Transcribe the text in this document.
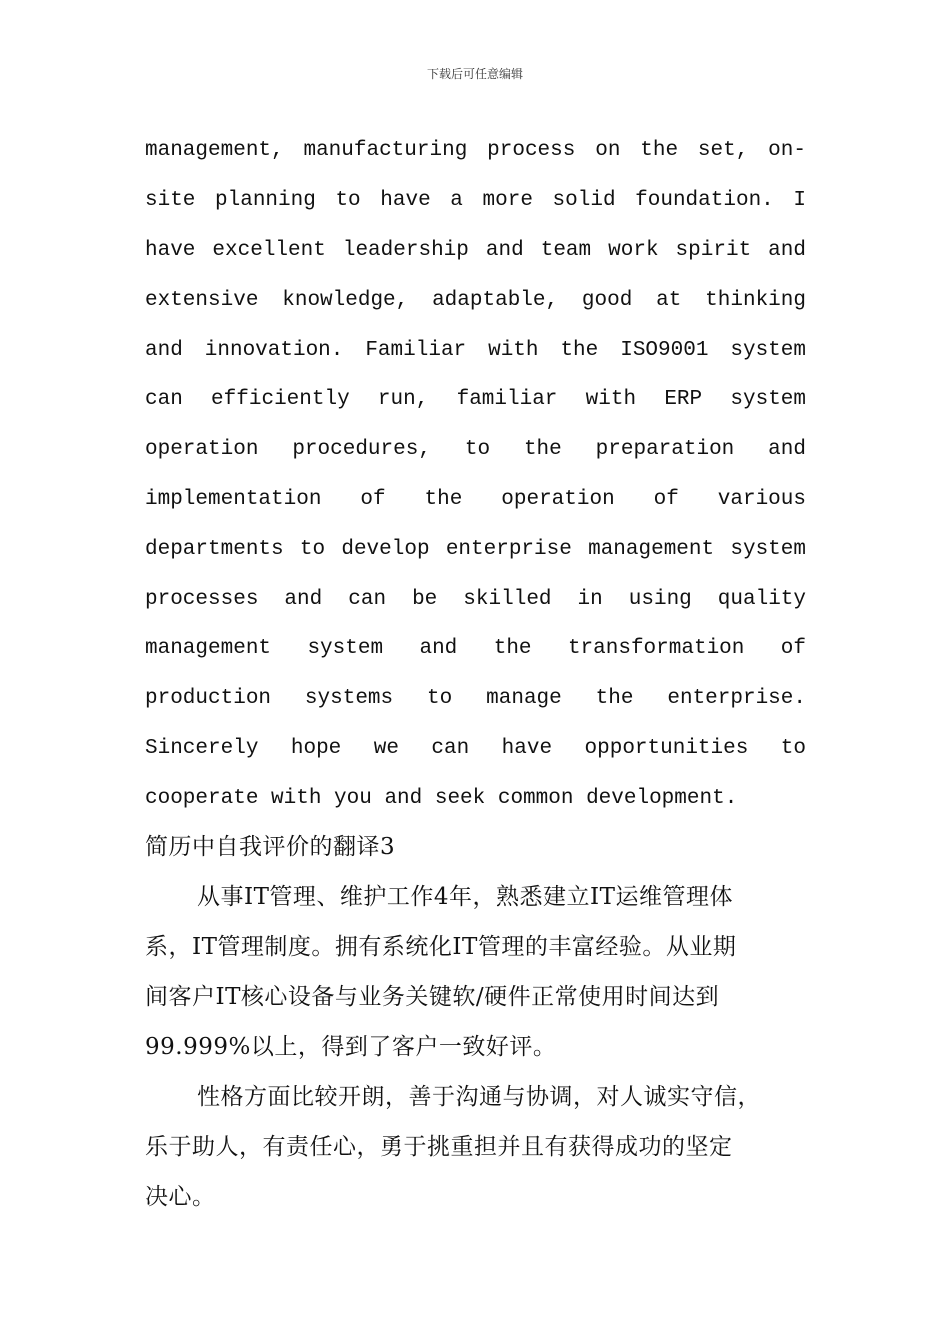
下载后可任意编辑
management, manufacturing process on the set, on-
site planning to have a more solid foundation. I
have excellent leadership and team work spirit and
extensive knowledge, adaptable, good at thinking
and innovation. Familiar with the ISO9001 system
can efficiently run, familiar with ERP system
operation procedures, to the preparation and
implementation of the operation of various
departments to develop enterprise management system
processes and can be skilled in using quality
management system and the transformation of
production systems to manage the enterprise.
Sincerely hope we can have opportunities to
cooperate with you and seek common development.
简历中自我评价的翻译3
从事IT管理、维护工作4年，熟悉建立IT运维管理体
系，IT管理制度。拥有系统化IT管理的丰富经验。从业期
间客户IT核心设备与业务关键软/硬件正常使用时间达到
99.999%以上，得到了客户一致好评。
性格方面比较开朗，善于沟通与协调，对人诚实守信，
乐于助人，有责任心，勇于挑重担并且有获得成功的坚定
决心。
